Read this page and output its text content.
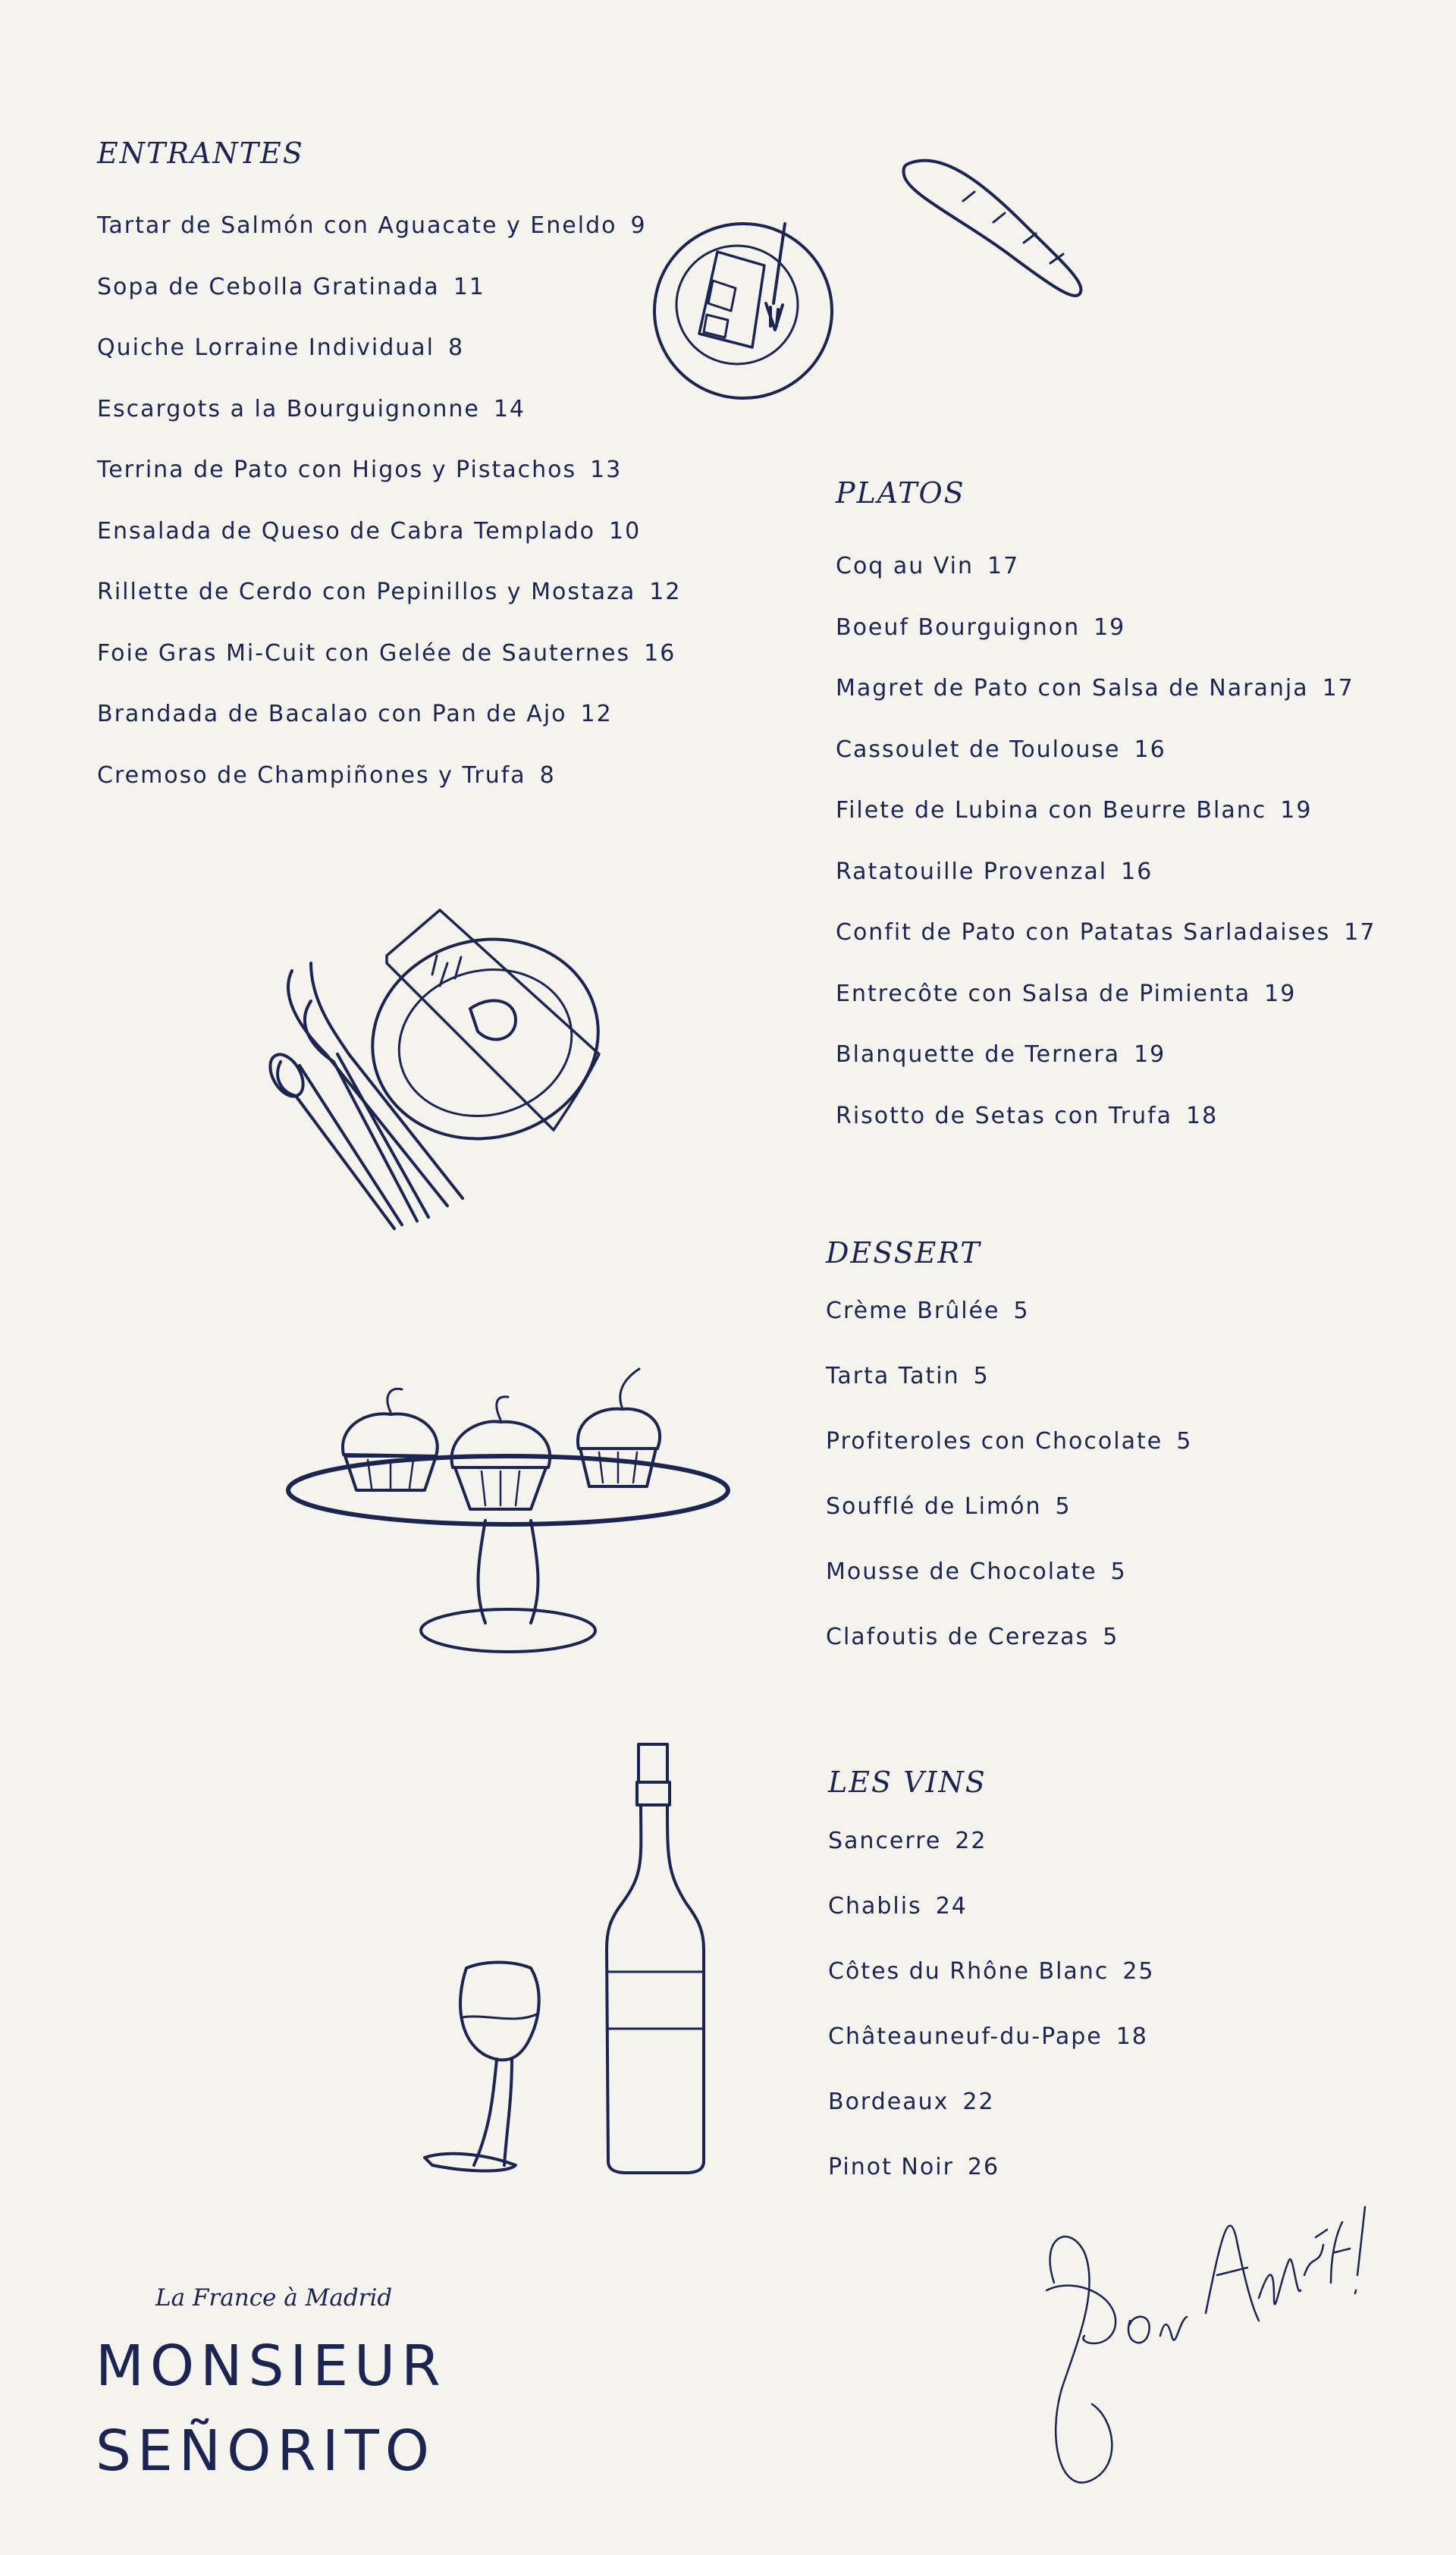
ENTRANTES
Tartar de Salmón con Aguacate y Eneldo 9
Sopa de Cebolla Gratinada 11
Quiche Lorraine Individual 8
Escargots a la Bourguignonne 14
Terrina de Pato con Higos y Pistachos 13
Ensalada de Queso de Cabra Templado 10
Rillette de Cerdo con Pepinillos y Mostaza 12
Foie Gras Mi-Cuit con Gelée de Sauternes 16
Brandada de Bacalao con Pan de Ajo 12
Cremoso de Champiñones y Trufa 8
PLATOS
Coq au Vin 17
Boeuf Bourguignon 19
Magret de Pato con Salsa de Naranja 17
Cassoulet de Toulouse 16
Filete de Lubina con Beurre Blanc 19
Ratatouille Provenzal 16
Confit de Pato con Patatas Sarladaises 17
Entrecôte con Salsa de Pimienta 19
Blanquette de Ternera 19
Risotto de Setas con Trufa 18
DESSERT
Crème Brûlée 5
Tarta Tatin 5
Profiteroles con Chocolate 5
Soufflé de Limón 5
Mousse de Chocolate 5
Clafoutis de Cerezas 5
LES VINS
Sancerre 22
Chablis 24
Côtes du Rhône Blanc 25
Châteauneuf-du-Pape 18
Bordeaux 22
Pinot Noir 26

La France à Madrid

MONSIEUR
SEÑORITO
